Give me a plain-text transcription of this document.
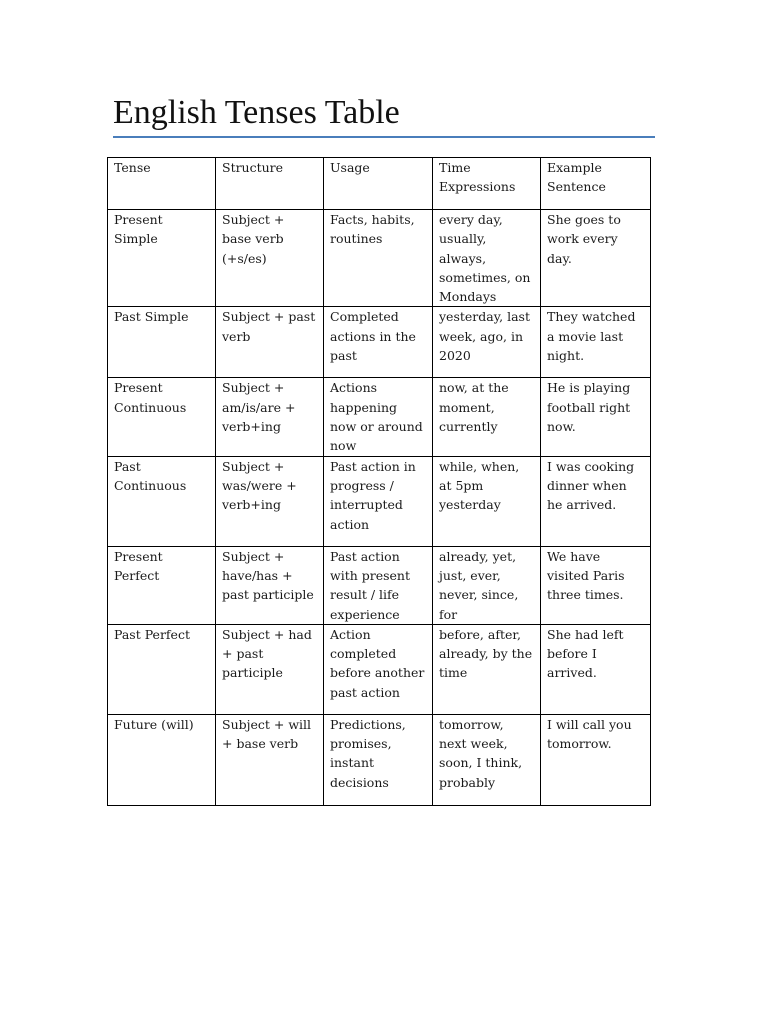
English Tenses Table
Tense	Structure	Usage	Time Expressions	Example Sentence
Present Simple	Subject + base verb (+s/es)	Facts, habits, routines	every day, usually, always, sometimes, on Mondays	She goes to work every day.
Past Simple	Subject + past verb	Completed actions in the past	yesterday, last week, ago, in 2020	They watched a movie last night.
Present Continuous	Subject + am/is/are + verb+ing	Actions happening now or around now	now, at the moment, currently	He is playing football right now.
Past Continuous	Subject + was/were + verb+ing	Past action in progress / interrupted action	while, when, at 5pm yesterday	I was cooking dinner when he arrived.
Present Perfect	Subject + have/has + past participle	Past action with present result / life experience	already, yet, just, ever, never, since, for	We have visited Paris three times.
Past Perfect	Subject + had + past participle	Action completed before another past action	before, after, already, by the time	She had left before I arrived.
Future (will)	Subject + will + base verb	Predictions, promises, instant decisions	tomorrow, next week, soon, I think, probably	I will call you tomorrow.
